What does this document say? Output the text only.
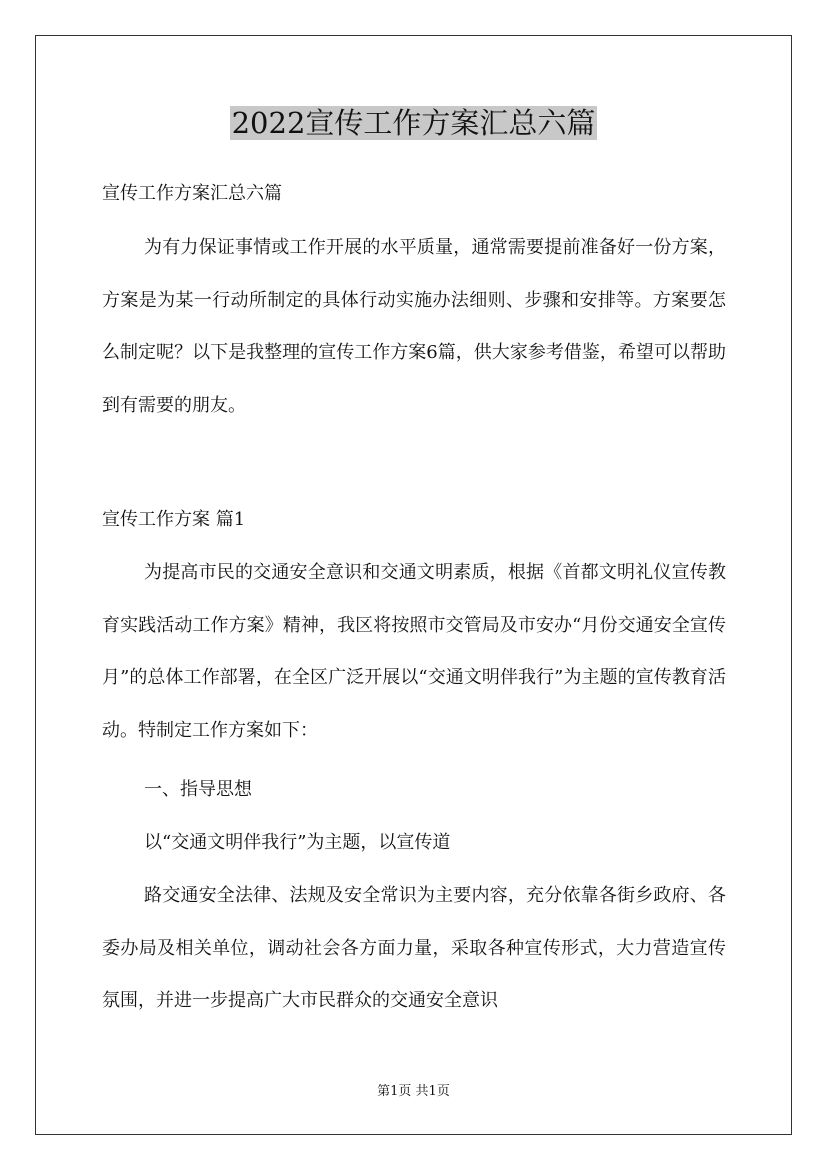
2022宣传工作方案汇总六篇

宣传工作方案汇总六篇

为有力保证事情或工作开展的水平质量，通常需要提前准备好一份方案，方案是为某一行动所制定的具体行动实施办法细则、步骤和安排等。方案要怎么制定呢？以下是我整理的宣传工作方案6篇，供大家参考借鉴，希望可以帮助到有需要的朋友。

宣传工作方案 篇1

为提高市民的交通安全意识和交通文明素质，根据《首都文明礼仪宣传教育实践活动工作方案》精神，我区将按照市交管局及市安办“月份交通安全宣传月”的总体工作部署，在全区广泛开展以“交通文明伴我行”为主题的宣传教育活动。特制定工作方案如下：

一、指导思想

以“交通文明伴我行”为主题，以宣传道

路交通安全法律、法规及安全常识为主要内容，充分依靠各街乡政府、各委办局及相关单位，调动社会各方面力量，采取各种宣传形式，大力营造宣传氛围，并进一步提高广大市民群众的交通安全意识

第1页 共1页
